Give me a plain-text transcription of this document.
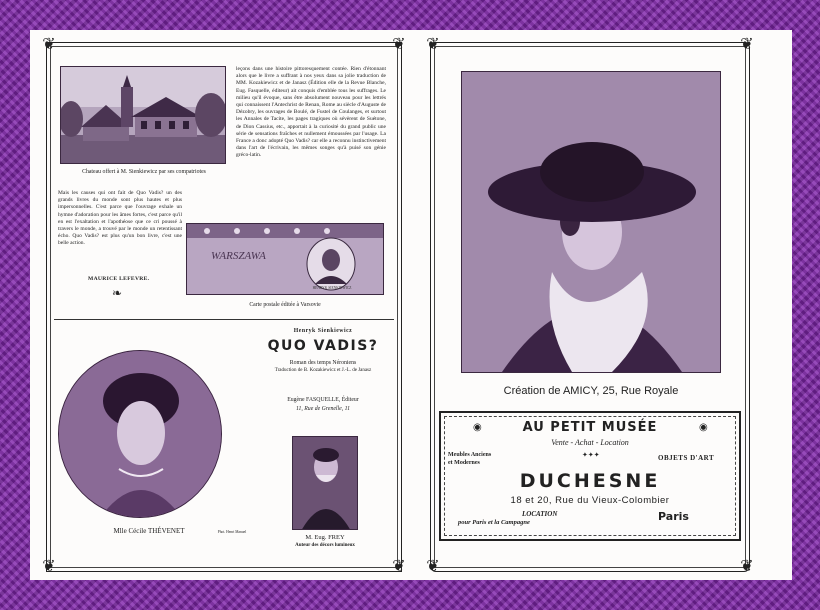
❦	❦
❦	❦
Chateau offert à M. Sienkiewicz par ses compatriotes
leçons dans une histoire pittoresquement contée. Rien d'étonnant alors que le livre a suffrant à nos yeux dans sa jolie traduction de MM. Kozakiewicz et de Janasz (Édition elle de la Revue Blanche, Eug. Fasquelle, éditeur) ait conquis d'emblée tous les suffrages. Le milieu qu'il évoque, sans être absolument nouveau pour les lettrés qui connaissent l'Antechrist de Renan, Rome au siècle d'Auguste de Dézobry, les ouvrages de Boulé, de Fustel de Coulanges, et surtout les Annales de Tacite, les pages tragiques où sévèrent de Suétone, de Dion Cassius, etc., apportait à la curiosité du grand public une série de sensations fraîches et nullement émoussées par l'usage. La France a donc adopté Quo Vadis? car elle a reconnu instinctivement dans l'art de l'écrivain, les mêmes songes qu'à puisé son génie gréco-latin.
Mais les causes qui ont fait de Quo Vadis? un des grands livres du monde sont plus hautes et plus impersonnelles. C'est parce que l'ouvrage exhale un hymne d'adoration pour les âmes fortes, c'est parce qu'il en est l'exaltation et l'apothéose que ce cri poussé à travers le monde, a trouvé par le monde un retentissant écho. Quo Vadis? est plus qu'un bon livre, c'est une belle action.
MAURICE LEFEVRE.
❧
WARSZAWA
HENRYK SIENKIEWICZ
Carte postale éditée à Varsovie
Mlle Cécile THÉVENET	Phot. Henri Manuel
Henryk Sienkiewicz
QUO VADIS?
Roman des temps Néroniens
Traduction de B. Kozakiewicz et J.-L. de Janasz
Eugène FASQUELLE, Éditeur
11, Rue de Grenelle, 11
M. Eug. FREY
Auteur des décors lumineux
❦	❦
❦	❦
Création de AMICY, 25, Rue Royale
◉	◉
AU PETIT MUSÉE
Vente - Achat - Location
Meubles Anciens
et Modernes
✦✦✦	OBJETS D'ART
DUCHESNE
18 et 20, Rue du Vieux-Colombier
LOCATION
pour Paris et la Campagne	Paris
